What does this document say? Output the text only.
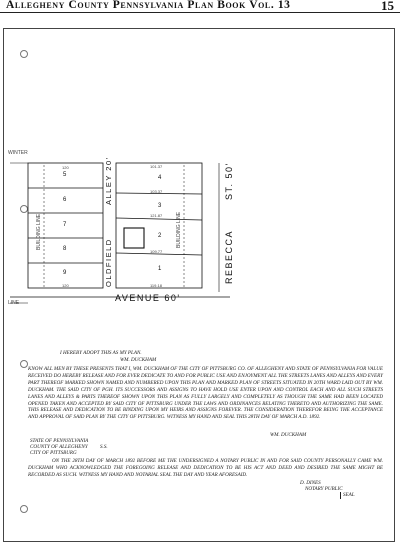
Allegheny County Pennsylvania Plan Book Vol. 13	15
WINTER
LINE
120	101.37
103.37
121.87
109.77
119.18
120
5
6
7
8
9
4
3
2
1
BUILDING LINE	BUILDING LINE
ALLEY 20'
OLDFIELD
ST. 50'
REBECCA
AVENUE 60'
I HEREBY ADOPT THIS AS MY PLAN.
WM. DUCKHAM
KNOW ALL MEN BY THESE PRESENTS THAT I, WM. DUCKHAM OF THE CITY OF PITTSBURG CO. OF ALLEGHENY AND STATE OF PENNSYLVANIA FOR VALUE RECEIVED DO HEREBY RELEASE AND FOR EVER DEDICATE TO AND FOR PUBLIC USE AND ENJOYMENT ALL THE STREETS LANES AND ALLEYS AND EVERY PART THEREOF MARKED SHOWN NAMED AND NUMBERED UPON THIS PLAN AND MARKED PLAN OF STREETS SITUATED IN 20TH WARD LAID OUT BY WM. DUCKHAM. THE SAID CITY OF PGH. ITS SUCCESSORS AND ASSIGNS TO HAVE HOLD USE ENTER UPON AND CONTROL EACH AND ALL SUCH STREETS LANES AND ALLEYS & PARTS THEREOF SHOWN UPON THIS PLAN AS FULLY LARGELY AND COMPLETELY AS THOUGH THE SAME HAD BEEN LOCATED OPENED TAKEN AND ACCEPTED BY SAID CITY OF PITTSBURG UNDER THE LAWS AND ORDINANCES RELATING THERETO AND AUTHORIZING THE SAME. THIS RELEASE AND DEDICATION TO BE BINDING UPON MY HEIRS AND ASSIGNS FOREVER. THE CONSIDERATION THEREFOR BEING THE ACCEPTANCE AND APPROVAL OF SAID PLAN BY THE CITY OF PITTSBURG. WITNESS MY HAND AND SEAL THIS 28TH DAY OF MARCH A.D. 1892.
WM. DUCKHAM
STATE OF PENNSYLVANIA
COUNTY OF ALLEGHENY S.S.
CITY OF PITTSBURG
ON THE 28TH DAY OF MARCH 1892 BEFORE ME THE UNDERSIGNED A NOTARY PUBLIC IN AND FOR SAID COUNTY PERSONALLY CAME WM. DUCKHAM WHO ACKNOWLEDGED THE FOREGOING RELEASE AND DEDICATION TO BE HIS ACT AND DEED AND DESIRED THE SAME MIGHT BE RECORDED AS SUCH. WITNESS MY HAND AND NOTARIAL SEAL THE DAY AND YEAR AFORESAID.
D. DINES
NOTARY PUBLIC
SEAL
